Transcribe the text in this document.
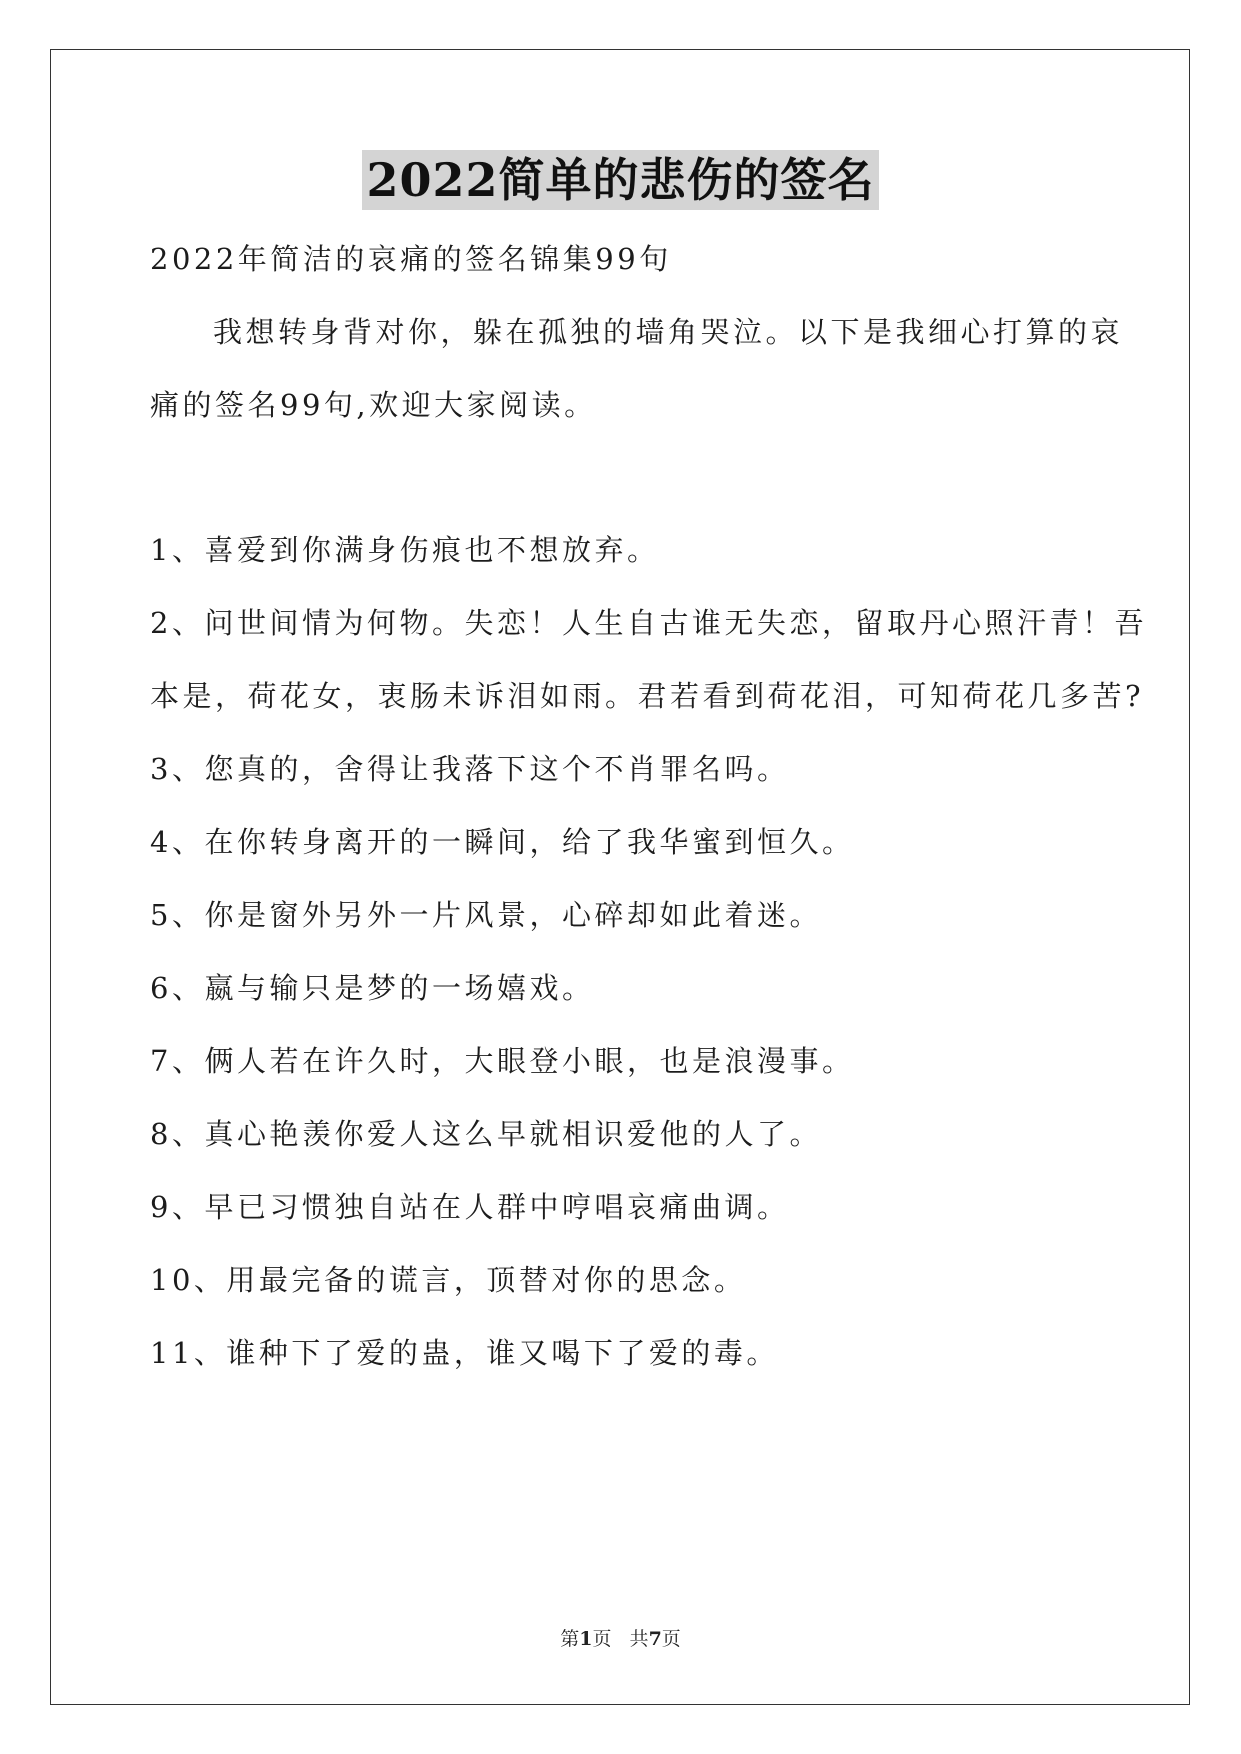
2022简单的悲伤的签名
2022年简洁的哀痛的签名锦集99句
我想转身背对你，躲在孤独的墙角哭泣。以下是我细心打算的哀
痛的签名99句,欢迎大家阅读。
1、喜爱到你满身伤痕也不想放弃。
2、问世间情为何物。失恋！人生自古谁无失恋，留取丹心照汗青！吾
本是，荷花女，衷肠未诉泪如雨。君若看到荷花泪，可知荷花几多苦?
3、您真的，舍得让我落下这个不肖罪名吗。
4、在你转身离开的一瞬间，给了我华蜜到恒久。
5、你是窗外另外一片风景，心碎却如此着迷。
6、嬴与输只是梦的一场嬉戏。
7、俩人若在许久时，大眼登小眼，也是浪漫事。
8、真心艳羡你爱人这么早就相识爱他的人了。
9、早已习惯独自站在人群中哼唱哀痛曲调。
10、用最完备的谎言，顶替对你的思念。
11、谁种下了爱的蛊，谁又喝下了爱的毒。
第1页   共7页
